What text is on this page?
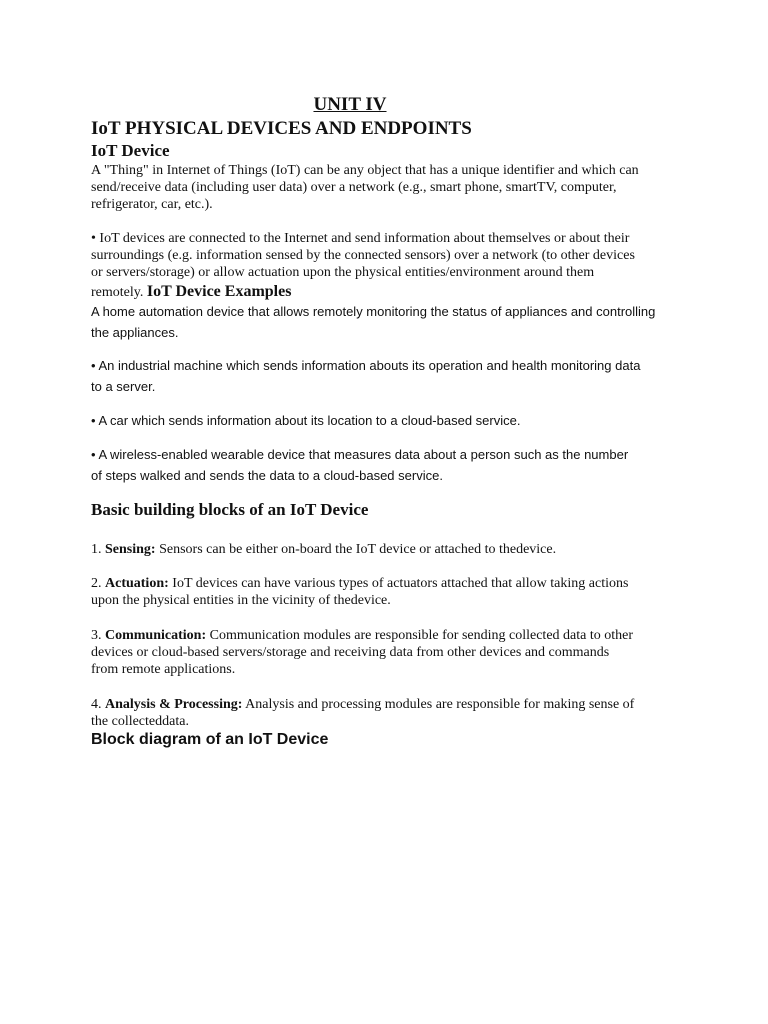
UNIT IV
IoT PHYSICAL DEVICES AND ENDPOINTS
IoT Device

A "Thing" in Internet of Things (IoT) can be any object that has a unique identifier and which can
send/receive data (including user data) over a network (e.g., smart phone, smartTV, computer,
refrigerator, car, etc.).

• IoT devices are connected to the Internet and send information about themselves or about their
surroundings (e.g. information sensed by the connected sensors) over a network (to other devices
or servers/storage) or allow actuation upon the physical entities/environment around them

remotely. IoT Device Examples

A home automation device that allows remotely monitoring the status of appliances and controlling
the appliances.

• An industrial machine which sends information abouts its operation and health monitoring data
to a server.

• A car which sends information about its location to a cloud-based service.

• A wireless-enabled wearable device that measures data about a person such as the number
of steps walked and sends the data to a cloud-based service.

Basic building blocks of an IoT Device

1. Sensing: Sensors can be either on-board the IoT device or attached to thedevice.

2. Actuation: IoT devices can have various types of actuators attached that allow taking actions
upon the physical entities in the vicinity of thedevice.

3. Communication: Communication modules are responsible for sending collected data to other
devices or cloud-based servers/storage and receiving data from other devices and commands
from remote applications.

4. Analysis & Processing: Analysis and processing modules are responsible for making sense of
the collecteddata.

Block diagram of an IoT Device
